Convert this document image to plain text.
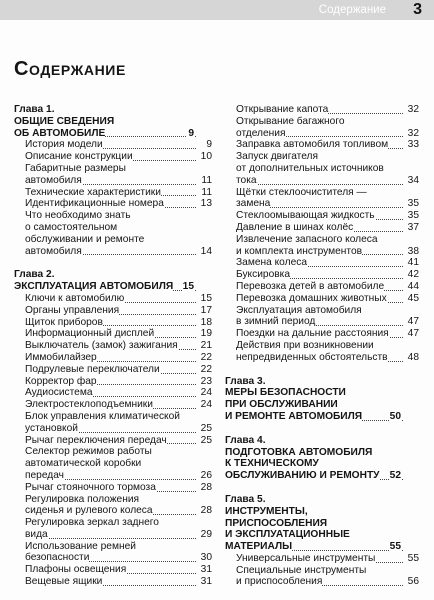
Содержание 3
Содержание
Глава 1.
ОБЩИЕ СВЕДЕНИЯ
ОБ АВТОМОБИЛЕ	9
История модели	9
Описание конструкции	10
Габаритные размеры
автомобиля	11
Технические характеристики	11
Идентификационные номера	13
Что необходимо знать
о самостоятельном
обслуживании и ремонте
автомобиля	14
Глава 2.
ЭКСПЛУАТАЦИЯ АВТОМОБИЛЯ 15
Ключи к автомобилю	15
Органы управления	17
Щиток приборов	18
Информационный дисплей	19
Выключатель (замок) зажигания 21
Иммобилайзер	22
Подрулевые переключатели	22
Корректор фар	23
Аудиосистема	24
Электростеклоподъемники	24
Блок управления климатической
установкой	25
Рычаг переключения передач	25
Селектор режимов работы
автоматической коробки
передач	26
Рычаг стояночного тормоза	28
Регулировка положения
сиденья и рулевого колеса	28
Регулировка зеркал заднего
вида	29
Использование ремней
безопасности	30
Плафоны освещения	31
Вещевые ящики	31
Открывание капота	32
Открывание багажного
отделения	32
Заправка автомобиля топливом 33
Запуск двигателя
от дополнительных источников
тока	34
Щётки стеклоочистителя —
замена	35
Стеклоомывающая жидкость	35
Давление в шинах колёс	37
Извлечение запасного колеса
и комплекта инструментов	38
Замена колеса	41
Буксировка	42
Перевозка детей в автомобиле 44
Перевозка домашних животных 45
Эксплуатация автомобиля
в зимний период	47
Поездки на дальние расстояния 47
Действия при возникновении
непредвиденных обстоятельств 48
Глава 3.
МЕРЫ БЕЗОПАСНОСТИ
ПРИ ОБСЛУЖИВАНИИ
И РЕМОНТЕ АВТОМОБИЛЯ	50
Глава 4.
ПОДГОТОВКА АВТОМОБИЛЯ
К ТЕХНИЧЕСКОМУ
ОБСЛУЖИВАНИЮ И РЕМОНТУ 52
Глава 5.
ИНСТРУМЕНТЫ,
ПРИСПОСОБЛЕНИЯ
И ЭКСПЛУАТАЦИОННЫЕ
МАТЕРИАЛЫ	55
Универсальные инструменты	55
Специальные инструменты
и приспособления	56
